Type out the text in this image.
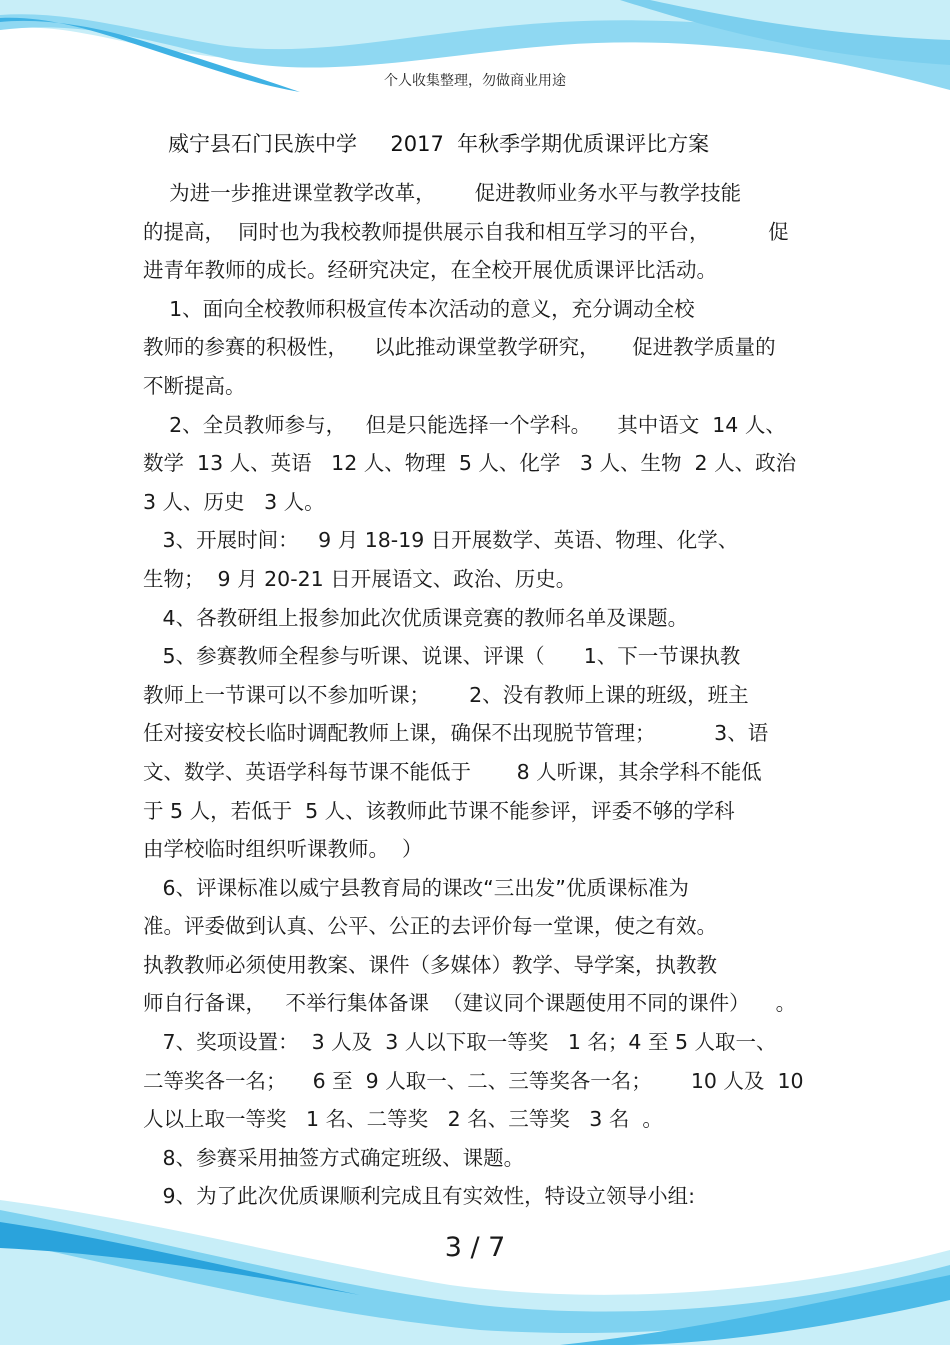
个人收集整理，勿做商业用途
威宁县石门民族中学     2017  年秋季学期优质课评比方案
为进一步推进课堂教学改革，      促进教师业务水平与教学技能
的提高，  同时也为我校教师提供展示自我和相互学习的平台，         促
进青年教师的成长。经研究决定，在全校开展优质课评比活动。
1、面向全校教师积极宣传本次活动的意义，充分调动全校
教师的参赛的积极性，    以此推动课堂教学研究，     促进教学质量的
不断提高。
2、全员教师参与，   但是只能选择一个学科。    其中语文  14 人、
数学  13 人、英语   12 人、物理  5 人、化学   3 人、生物  2 人、政治
3 人、历史   3 人。
3、开展时间：   9 月 18-19 日开展数学、英语、物理、化学、
生物；  9 月 20-21 日开展语文、政治、历史。
4、各教研组上报参加此次优质课竞赛的教师名单及课题。
5、参赛教师全程参与听课、说课、评课（      1、下一节课执教
教师上一节课可以不参加听课；      2、没有教师上课的班级，班主
任对接安校长临时调配教师上课，确保不出现脱节管理；         3、语
文、数学、英语学科每节课不能低于       8 人听课，其余学科不能低
于 5 人，若低于  5 人、该教师此节课不能参评，评委不够的学科
由学校临时组织听课教师。  ）
6、评课标准以威宁县教育局的课改“三出发”优质课标准为
准。评委做到认真、公平、公正的去评价每一堂课，使之有效。
执教教师必须使用教案、课件（多媒体）教学、导学案，执教教
师自行备课，   不举行集体备课  （建议同个课题使用不同的课件）    。
7、奖项设置：  3 人及  3 人以下取一等奖   1 名；4 至 5 人取一、
二等奖各一名；    6 至  9 人取一、二、三等奖各一名；      10 人及  10
人以上取一等奖   1 名、二等奖   2 名、三等奖   3 名  。
8、参赛采用抽签方式确定班级、课题。
9、为了此次优质课顺利完成且有实效性，特设立领导小组:
3 / 7
